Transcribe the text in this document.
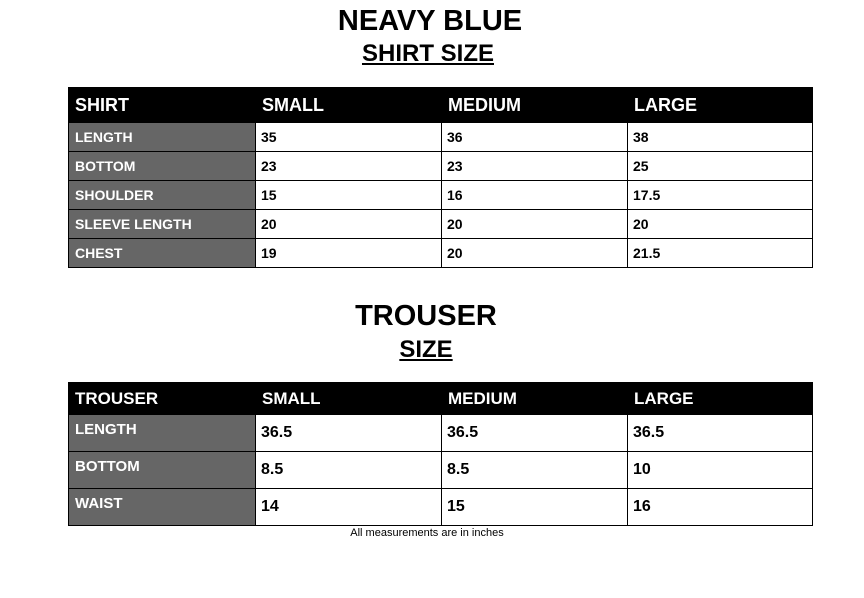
NEAVY BLUE
SHIRT SIZE
SHIRT	SMALL	MEDIUM	LARGE
LENGTH	35	36	38
BOTTOM	23	23	25
SHOULDER	15	16	17.5
SLEEVE LENGTH	20	20	20
CHEST	19	20	21.5
TROUSER
SIZE
TROUSER	SMALL	MEDIUM	LARGE
LENGTH	36.5	36.5	36.5
BOTTOM	8.5	8.5	10
WAIST	14	15	16

All measurements are in inches
